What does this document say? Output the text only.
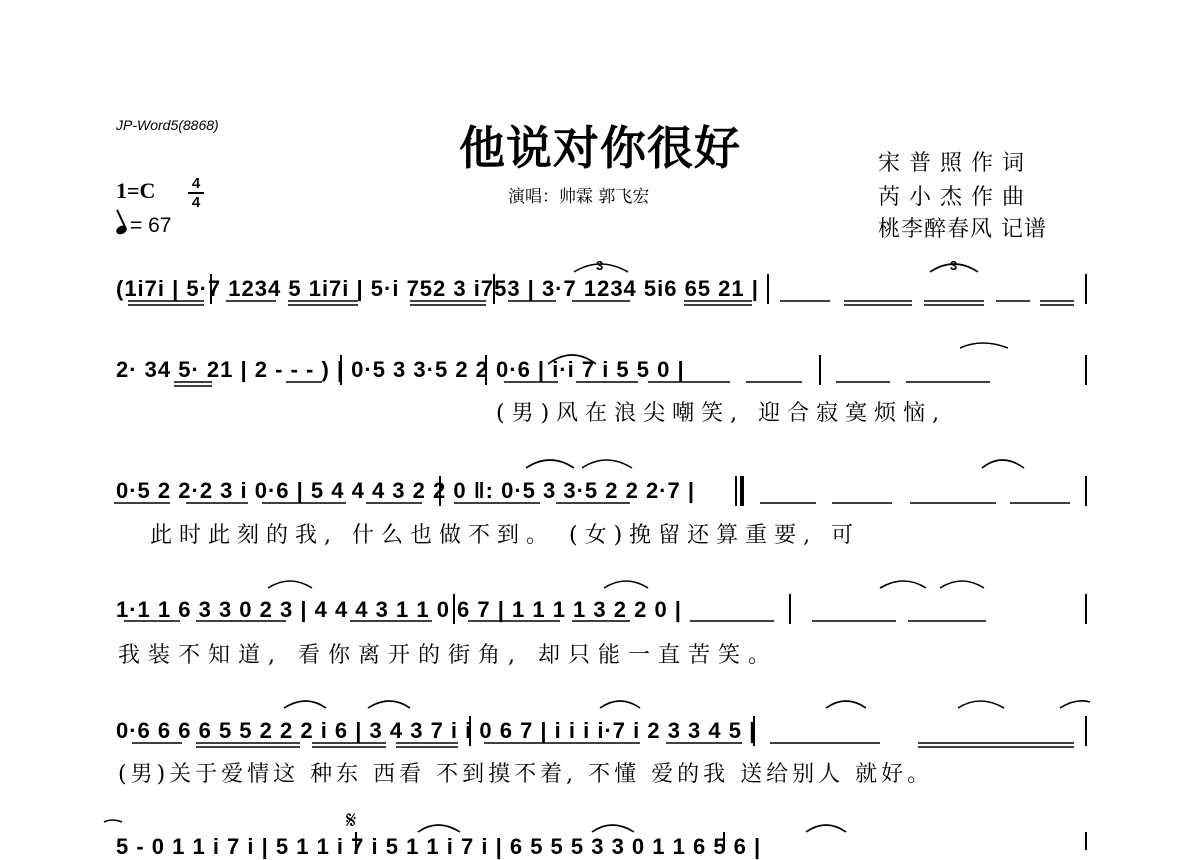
3	3
JP-Word5(8868)	他说对你很好
演唱：帅霖 郭飞宏
宋普照作词
芮小杰作曲
桃李醉春风 记谱
1=C	4
4
= 67
(1i7i | 5·7 1234 5 1i7i | 5·i 752 3 i753 | 3·7 1234 5i6 65 21 |
2· 34 5· 21 | 2 - - - ) | 0·5 3 3·5 2 2 0·6 | i·i 7 i 5 5 0 |
(男)风在浪尖嘲笑, 迎合寂寞烦恼,
0·5 2 2·2 3 i 0·6 | 5 4 4 4 3 2 2 0 ‖: 0·5 3 3·5 2 2 2·7 |
此时此刻的我, 什么也做不到。 (女)挽留还算重要, 可
1·1 1 6 3 3 0 2 3 | 4 4 4 3 1 1 0 6 7 | 1 1 1 1 3 2 2 0 |
我装不知道, 看你离开的街角, 却只能一直苦笑。
0·6 6 6 6 5 5 2 2 2 i 6 | 3 4 3 7 i i 0 6 7 | i i i i·7 i 2 3 3 4 5 |
(男)关于爱情这 种东 西看 不到摸不着, 不懂 爱的我 送给别人 就好。
𝄋
5 - 0 1 1 i 7 i | 5 1 1 i 7 i 5 1 1 i 7 i | 6 5 5 5 3 3 0 1 1 6 5 6 |
